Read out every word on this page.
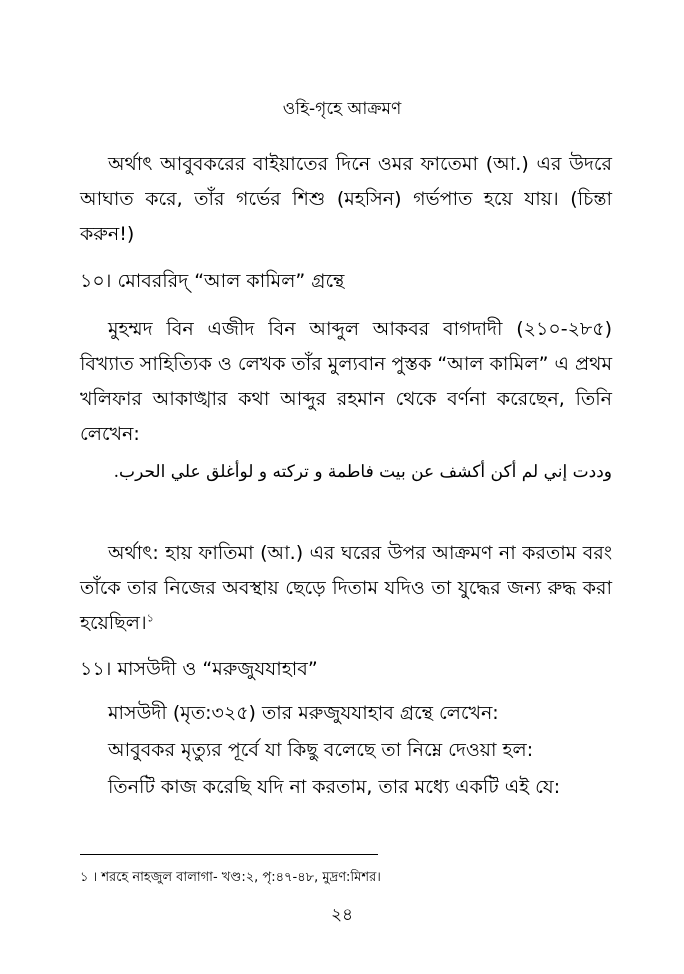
ওহি-গৃহে আক্রমণ

অর্থাৎ আবুবকরের বাইয়াতের দিনে ওমর ফাতেমা (আ.) এর উদরে আঘাত করে, তাঁর গর্ভের শিশু (মহসিন) গর্ভপাত হয়ে যায়। (চিন্তা করুন!)

১০। মোবররিদ্ “আল কামিল” গ্রন্থে

মুহম্মদ বিন এজীদ বিন আব্দুল আকবর বাগদাদী (২১০-২৮৫) বিখ্যাত সাহিত্যিক ও লেখক তাঁর মুল্যবান পুস্তক “আল কামিল” এ প্রথম খলিফার আকাঙ্খার কথা আব্দুর রহমান থেকে বর্ণনা করেছেন, তিনি লেখেন:

وددت إني لم أكن أكشف عن بيت فاطمة و تركته و لوأغلق علي الحرب.

অর্থাৎ: হায় ফাতিমা (আ.) এর ঘরের উপর আক্রমণ না করতাম বরং তাঁকে তার নিজের অবস্থায় ছেড়ে দিতাম যদিও তা যুদ্ধের জন্য রুদ্ধ করা হয়েছিল।$^১$

১১। মাসউদী ও “মরুজুযযাহাব”

মাসউদী (মৃত:৩২৫) তার মরুজুযযাহাব গ্রন্থে লেখেন:

আবুবকর মৃত্যুর পূর্বে যা কিছু বলেছে তা নিম্নে দেওয়া হল:

তিনটি কাজ করেছি যদি না করতাম, তার মধ্যে একটি এই যে:

১ । শরহে নাহজুল বালাগা- খণ্ড:২, পৃ:৪৭-৪৮, মুদ্রণ:মিশর।

২৪
